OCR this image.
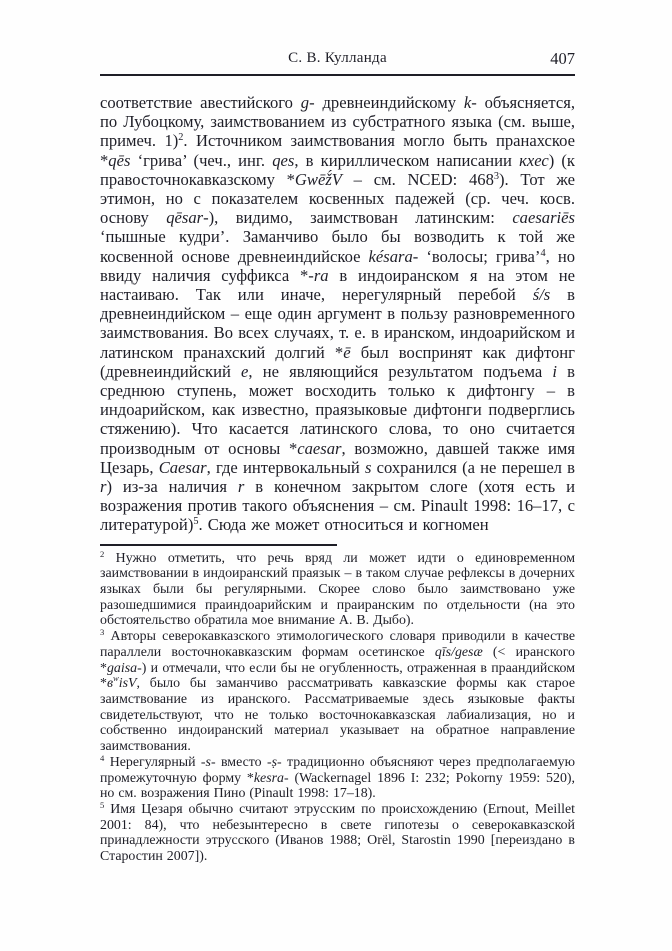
С. В. Кулланда	407

соответствие авестийского g- древнеиндийскому k- объясняется, по Лубоцкому, заимствованием из субстратного языка (см. выше, примеч. 1)$^2$. Источником заимствования могло быть пранахское *qēs ‘грива’ (чеч., инг. qes, в кириллическом написании кхес) (к правосточнокавказскому *Gwēž́V – см. NCED: $468^3$). Тот же этимон, но с показателем косвенных падежей (ср. чеч. косв. основу qēsar-), видимо, заимствован латинским: caesariēs ‘пышные кудри’. Заманчиво было бы возводить к той же косвенной основе древнеиндийское késara- ‘волосы; грива’$^4$, но ввиду наличия суффикса *-ra в индоиранском я на этом не настаиваю. Так или иначе, нерегулярный перебой ś/s в древнеиндийском – еще один аргумент в пользу разновременного заимствования. Во всех случаях, т. е. в иранском, индоарийском и латинском пранахский долгий *ē был воспринят как дифтонг (древнеиндийский e, не являющийся результатом подъема i в среднюю ступень, может восходить только к дифтонгу – в индоарийском, как известно, праязыковые дифтонги подверглись стяжению). Что касается латинского слова, то оно считается производным от основы *caesar, возможно, давшей также имя Цезарь, Caesar, где интервокальный s сохранился (а не перешел в r) из-за наличия r в конечном закрытом слоге (хотя есть и возражения против такого объяснения – см. Pinault 1998: 16–17, с литературой)$^5$. Сюда же может относиться и когномен

$^2$ Нужно отметить, что речь вряд ли может идти о единовременном заимствовании в индоиранский праязык – в таком случае рефлексы в дочерних языках были бы регулярными. Скорее слово было заимствовано уже разошедшимися праиндоарийским и праиранским по отдельности (на это обстоятельство обратила мое внимание А. В. Дыбо).

$^3$ Авторы северокавказского этимологического словаря приводили в качестве параллели восточнокавказским формам осетинское qīs/gesæ (< иранского *gaisa-) и отмечали, что если бы не огубленность, отраженная в праандийском $*в^wisV$, было бы заманчиво рассматривать кавказские формы как старое заимствование из иранского. Рассматриваемые здесь языковые факты свидетельствуют, что не только восточнокавказская лабиализация, но и собственно индоиранский материал указывает на обратное направление заимствования.

$^4$ Нерегулярный -s- вместо -ṣ- традиционно объясняют через предполагаемую промежуточную форму *kesra- (Wackernagel 1896 I: 232; Pokorny 1959: 520), но см. возражения Пино (Pinault 1998: 17–18).

$^5$ Имя Цезаря обычно считают этрусским по происхождению (Ernout, Meillet 2001: 84), что небезынтересно в свете гипотезы о северокавказской принадлежности этрусского (Иванов 1988; Orël, Starostin 1990 [переиздано в Старостин 2007]).
